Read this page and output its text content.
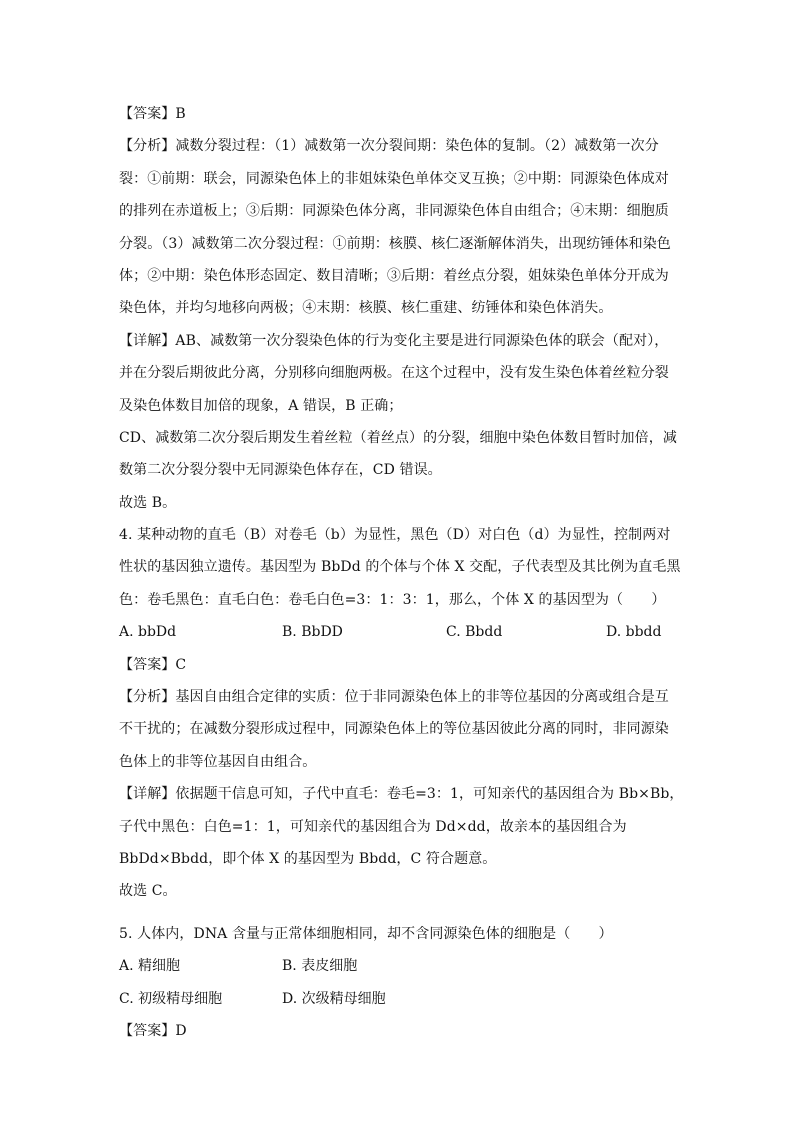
【答案】B
【分析】减数分裂过程：（1）减数第一次分裂间期：染色体的复制。（2）减数第一次分
裂：①前期：联会，同源染色体上的非姐妹染色单体交叉互换；②中期：同源染色体成对
的排列在赤道板上；③后期：同源染色体分离，非同源染色体自由组合；④末期：细胞质
分裂。（3）减数第二次分裂过程：①前期：核膜、核仁逐渐解体消失，出现纺锤体和染色
体；②中期：染色体形态固定、数目清晰；③后期：着丝点分裂，姐妹染色单体分开成为
染色体，并均匀地移向两极；④末期：核膜、核仁重建、纺锤体和染色体消失。
【详解】AB、减数第一次分裂染色体的行为变化主要是进行同源染色体的联会（配对），
并在分裂后期彼此分离，分别移向细胞两极。在这个过程中，没有发生染色体着丝粒分裂
及染色体数目加倍的现象，A 错误，B 正确；
CD、减数第二次分裂后期发生着丝粒（着丝点）的分裂，细胞中染色体数目暂时加倍，减
数第二次分裂分裂中无同源染色体存在，CD 错误。
故选 B。
4. 某种动物的直毛（B）对卷毛（b）为显性，黑色（D）对白色（d）为显性，控制两对
性状的基因独立遗传。基因型为 BbDd 的个体与个体 X 交配，子代表型及其比例为直毛黑
色：卷毛黑色：直毛白色：卷毛白色=3：1：3：1，那么，个体 X 的基因型为（　　）
A. bbDd	B. BbDD	C. Bbdd	D. bbdd
【答案】C
【分析】基因自由组合定律的实质：位于非同源染色体上的非等位基因的分离或组合是互
不干扰的；在减数分裂形成过程中，同源染色体上的等位基因彼此分离的同时，非同源染
色体上的非等位基因自由组合。
【详解】依据题干信息可知，子代中直毛：卷毛=3：1，可知亲代的基因组合为 Bb×Bb，
子代中黑色：白色=1：1，可知亲代的基因组合为 Dd×dd，故亲本的基因组合为
BbDd×Bbdd，即个体 X 的基因型为 Bbdd，C 符合题意。
故选 C。
5. 人体内，DNA 含量与正常体细胞相同，却不含同源染色体的细胞是（　　）
A. 精细胞	B. 表皮细胞
C. 初级精母细胞	D. 次级精母细胞
【答案】D
